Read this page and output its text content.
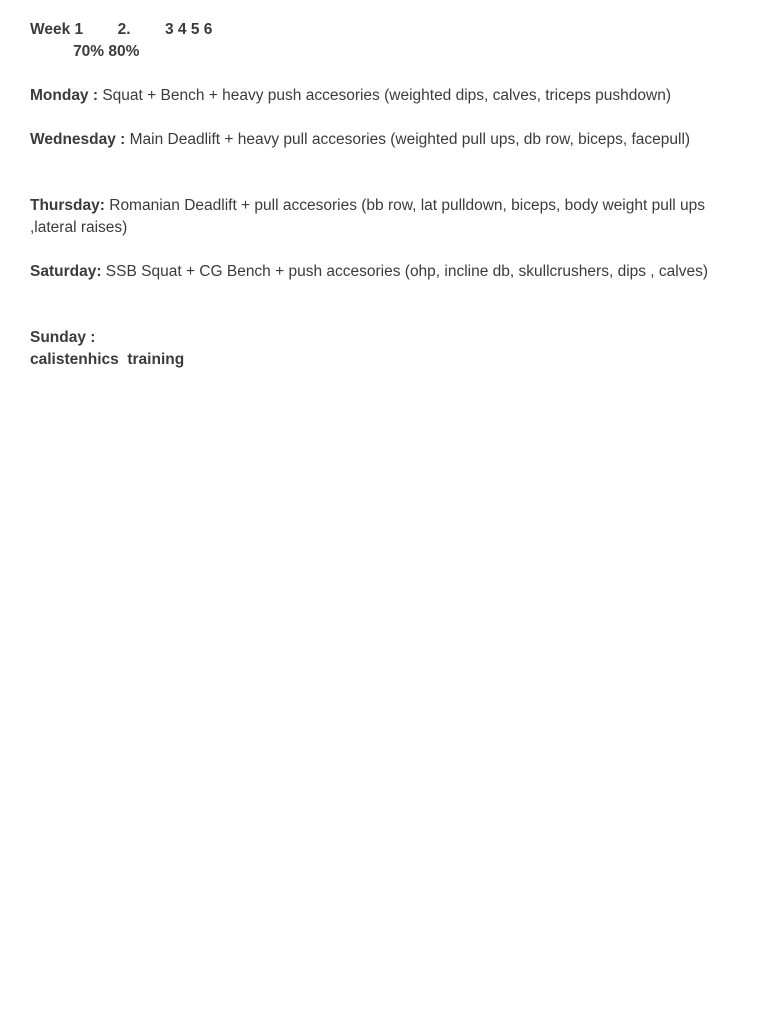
Week 1        2.        3 4 5 6
70% 80%
Monday : Squat + Bench + heavy push accesories (weighted dips, calves, triceps pushdown)
Wednesday : Main Deadlift + heavy pull accesories (weighted pull ups, db row, biceps, facepull)
Thursday: Romanian Deadlift + pull accesories (bb row, lat pulldown, biceps, body weight pull ups ,lateral raises)
Saturday: SSB Squat + CG Bench + push accesories (ohp, incline db, skullcrushers, dips , calves)
Sunday :
calistenhics  training
